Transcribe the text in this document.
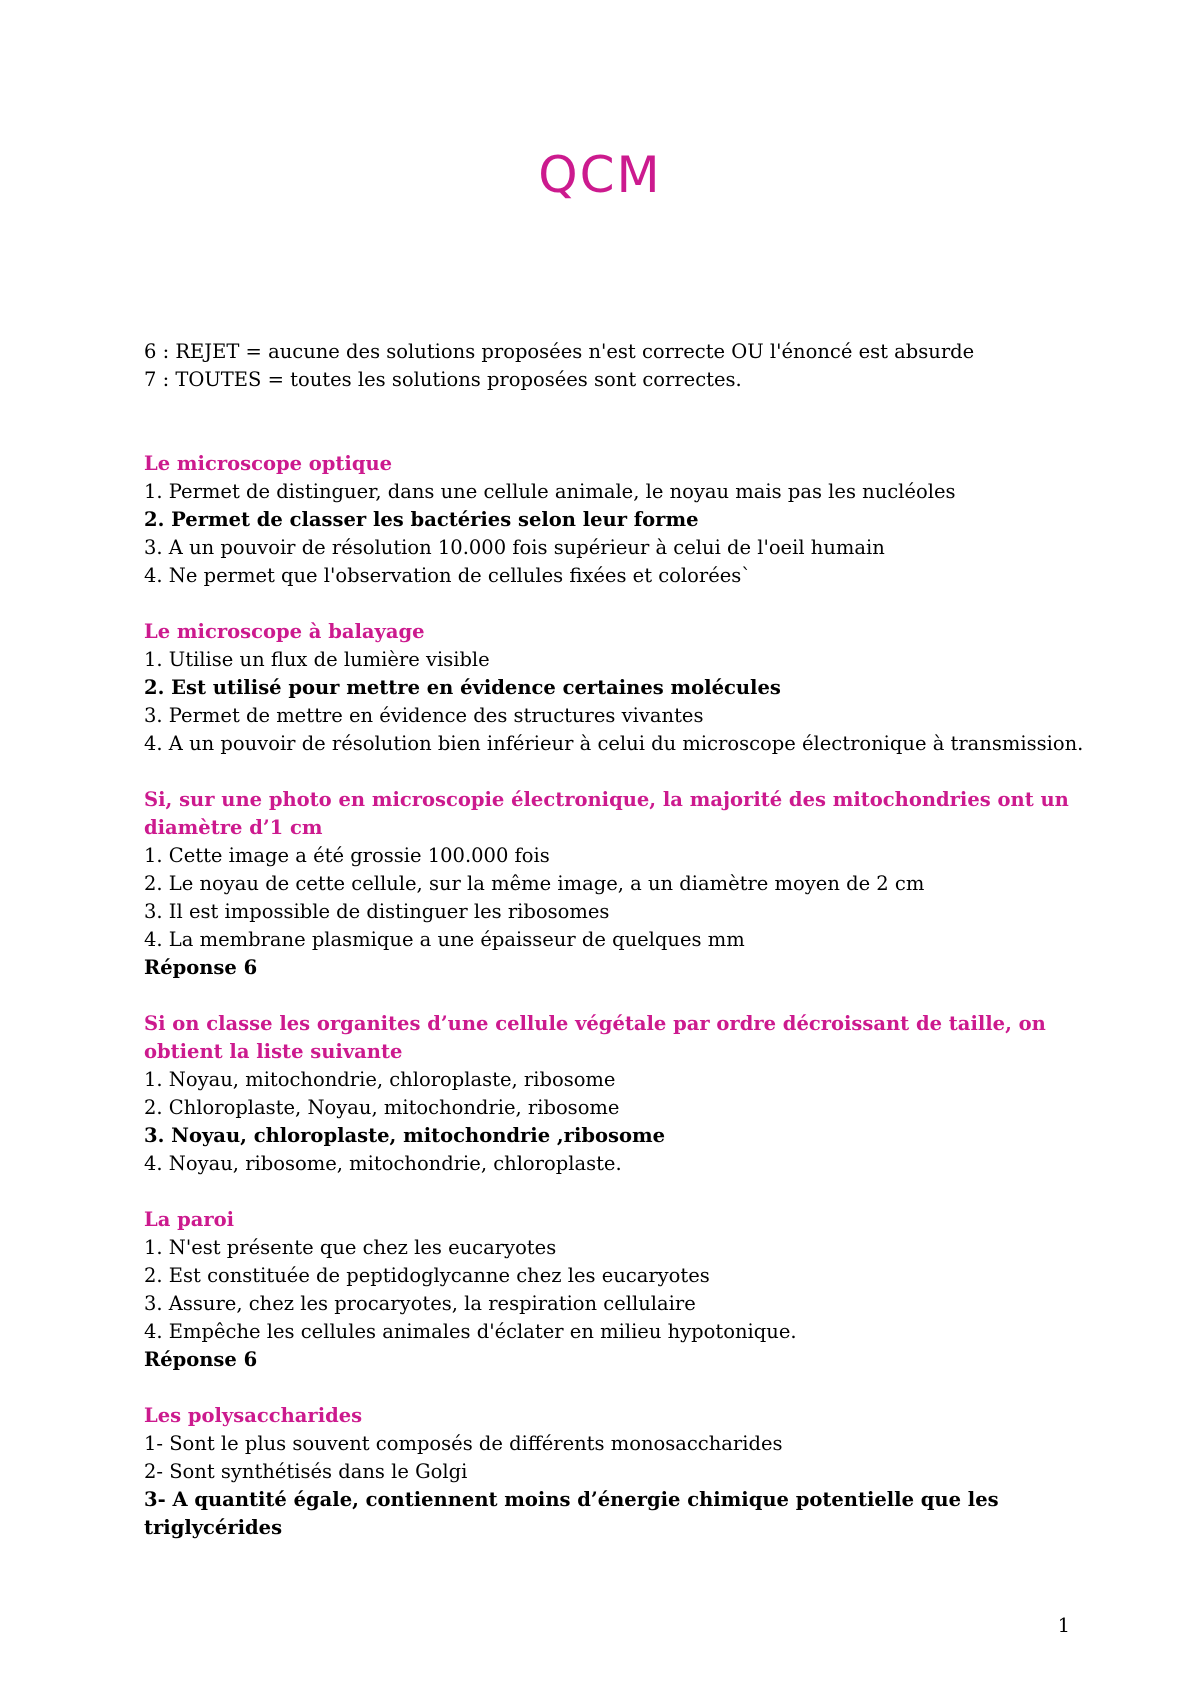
QCM

6 : REJET = aucune des solutions proposées n'est correcte OU l'énoncé est absurde

7 : TOUTES = toutes les solutions proposées sont correctes.

Le microscope optique

1. Permet de distinguer, dans une cellule animale, le noyau mais pas les nucléoles

2. Permet de classer les bactéries selon leur forme

3. A un pouvoir de résolution 10.000 fois supérieur à celui de l'oeil humain

4. Ne permet que l'observation de cellules fixées et colorées`

Le microscope à balayage

1. Utilise un flux de lumière visible

2. Est utilisé pour mettre en évidence certaines molécules

3. Permet de mettre en évidence des structures vivantes

4. A un pouvoir de résolution bien inférieur à celui du microscope électronique à transmission.

Si, sur une photo en microscopie électronique, la majorité des mitochondries ont un diamètre d’1 cm

1. Cette image a été grossie 100.000 fois

2. Le noyau de cette cellule, sur la même image, a un diamètre moyen de 2 cm

3. Il est impossible de distinguer les ribosomes

4. La membrane plasmique a une épaisseur de quelques mm

Réponse 6

Si on classe les organites d’une cellule végétale par ordre décroissant de taille, on obtient la liste suivante

1. Noyau, mitochondrie, chloroplaste, ribosome

2. Chloroplaste, Noyau, mitochondrie, ribosome

3. Noyau, chloroplaste, mitochondrie ,ribosome

4. Noyau, ribosome, mitochondrie, chloroplaste.

La paroi

1. N'est présente que chez les eucaryotes

2. Est constituée de peptidoglycanne chez les eucaryotes

3. Assure, chez les procaryotes, la respiration cellulaire

4. Empêche les cellules animales d'éclater en milieu hypotonique.

Réponse 6

Les polysaccharides

1- Sont le plus souvent composés de différents monosaccharides

2- Sont synthétisés dans le Golgi

3- A quantité égale, contiennent moins d’énergie chimique potentielle que les triglycérides

1
